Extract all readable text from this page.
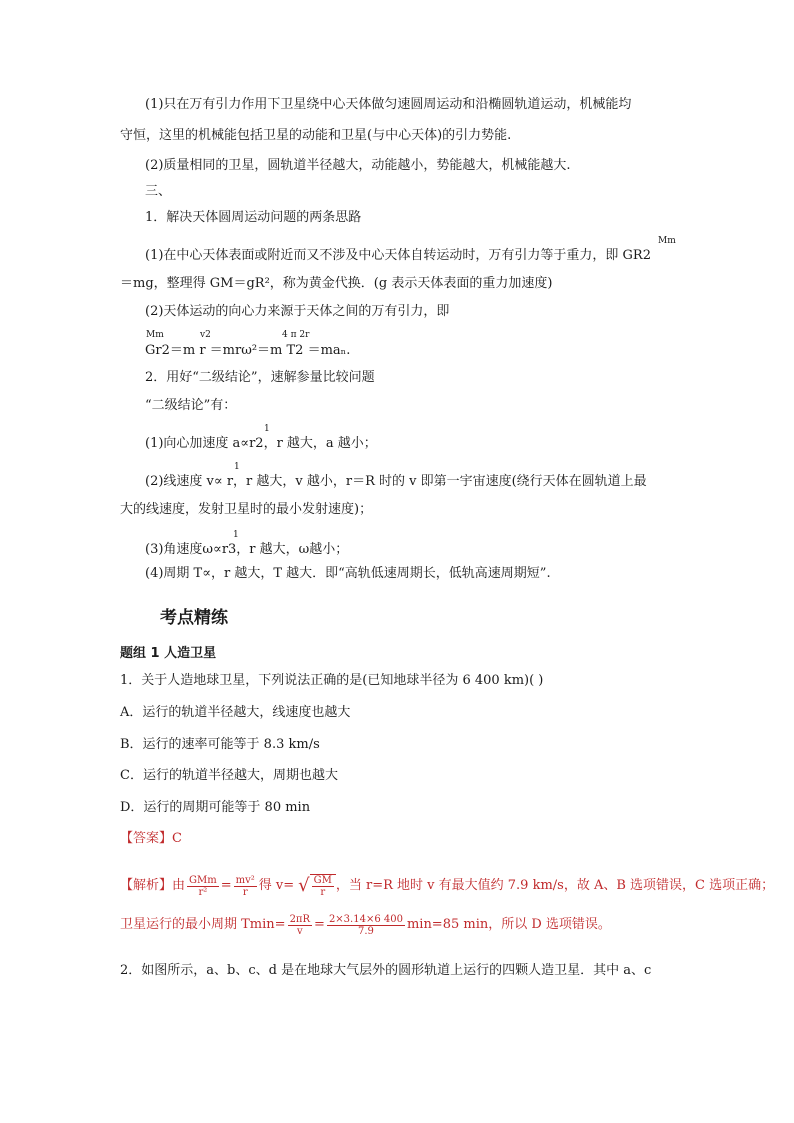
(1)只在万有引力作用下卫星绕中心天体做匀速圆周运动和沿椭圆轨道运动，机械能均
守恒，这里的机械能包括卫星的动能和卫星(与中心天体)的引力势能.
(2)质量相同的卫星，圆轨道半径越大，动能越小，势能越大，机械能越大.
三、
1．解决天体圆周运动问题的两条思路
Mm
(1)在中心天体表面或附近而又不涉及中心天体自转运动时，万有引力等于重力，即 GR2
＝mg，整理得 GM＝gR²，称为黄金代换．(g 表示天体表面的重力加速度)
(2)天体运动的向心力来源于天体之间的万有引力，即
Mm	v2	4 π 2r
Gr2＝m r ＝mrω²＝m T2 ＝maₙ.
2．用好“二级结论”，速解参量比较问题
“二级结论”有：
1
(1)向心加速度 a∝r2，r 越大，a 越小；
1
(2)线速度 v∝ r，r 越大，v 越小，r＝R 时的 v 即第一宇宙速度(绕行天体在圆轨道上最
大的线速度，发射卫星时的最小发射速度)；
1
(3)角速度ω∝r3，r 越大，ω越小；
(4)周期 T∝，r 越大，T 越大．即“高轨低速周期长，低轨高速周期短”.
考点精练
题组 1 人造卫星
1．关于人造地球卫星，下列说法正确的是(已知地球半径为 6 400 km)( )
A．运行的轨道半径越大，线速度也越大
B．运行的速率可能等于 8.3 km/s
C．运行的轨道半径越大，周期也越大
D．运行的周期可能等于 80 min
【答案】C
【解析】由 $\frac{\text{GMm}}{\text{r²}} = \frac{\text{mv²}}{r}$ 得 v= √ $\frac{GM}{r}$ ，当 r=R 地时 v 有最大值约 7.9 km/s，故 A、B 选项错误，C 选项正确；
卫星运行的最小周期 $Tmin= \frac{2\pi R}{v} = \frac{2\times 3.14\times 6 400}{7.9} \min=85$ min，所以 D 选项错误。
2．如图所示，a、b、c、d 是在地球大气层外的圆形轨道上运行的四颗人造卫星．其中 a、c
